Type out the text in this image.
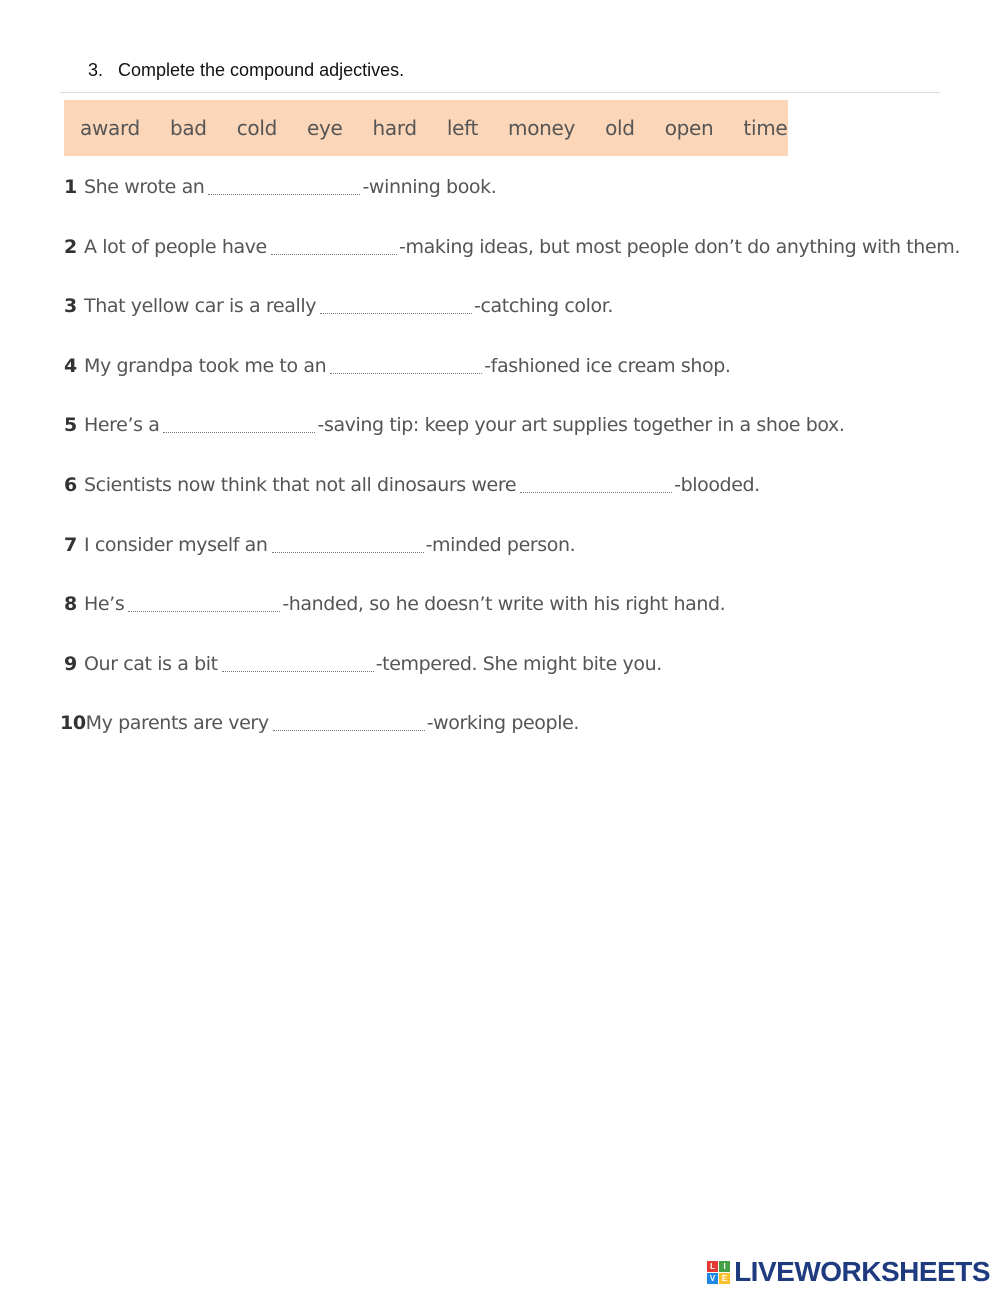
3. Complete the compound adjectives.
award bad cold eye hard left money old open time
1 She wrote an	-winning book.
2 A lot of people have	-making ideas, but most people don’t do anything with them.
3 That yellow car is a really	-catching color.
4 My grandpa took me to an	-fashioned ice cream shop.
5 Here’s a	-saving tip: keep your art supplies together in a shoe box.
6 Scientists now think that not all dinosaurs were	-blooded.
7 I consider myself an	-minded person.
8 He’s	-handed, so he doesn’t write with his right hand.
9 Our cat is a bit	-tempered. She might bite you.
10 My parents are very	-working people.
L	I
V E LIVEWORKSHEETS
